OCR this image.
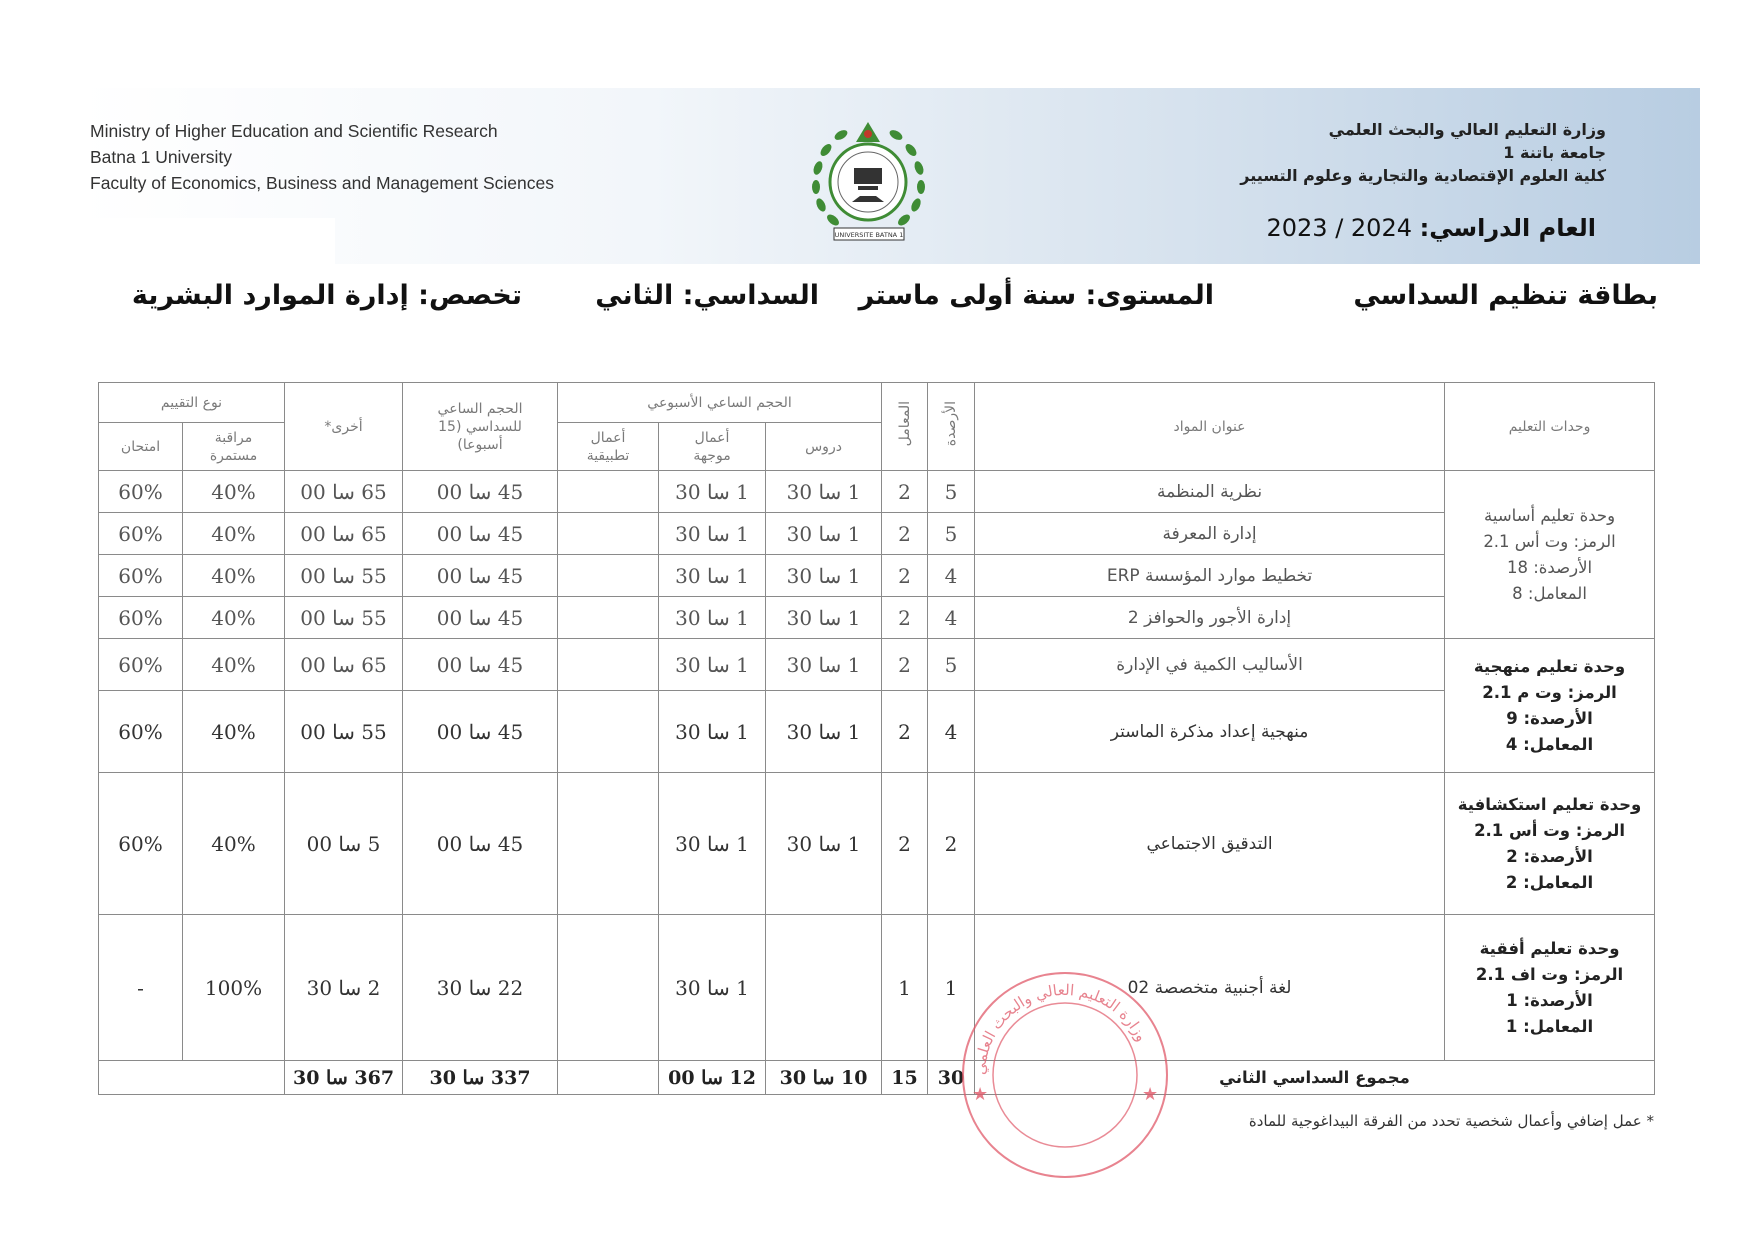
Ministry of Higher Education and Scientific Research
Batna 1 University
Faculty of Economics, Business and Management Sciences
وزارة التعليم العالي والبحث العلمي
جامعة باتنة 1
كلية العلوم الإقتصادية والتجارية وعلوم التسيير
العام الدراسي: 2023 / 2024
UNIVERSITE BATNA 1
بطاقة تنظيم السداسي
المستوى: سنة أولى ماستر
السداسي: الثاني
تخصص: إدارة الموارد البشرية
وحدات التعليم	عنوان المواد	الأرصدة	المعامل	الحجم الساعي الأسبوعي			الحجم الساعي للسداسي (15 أسبوعا)	أخرى*	نوع التقييم	
				دروس	أعمال موجهة	أعمال تطبيقية			مراقبة مستمرة	امتحان

وحدة تعليم أساسية
الرمز: وت أس 2.1
الأرصدة: 18
المعامل: 8	نظرية المنظمة	5	2	1 سا 30	1 سا 30		45 سا 00	65 سا 00	40%	60%
	إدارة المعرفة	5	2	1 سا 30	1 سا 30		45 سا 00	65 سا 00	40%	60%
	تخطيط موارد المؤسسة ERP	4	2	1 سا 30	1 سا 30		45 سا 00	55 سا 00	40%	60%
	إدارة الأجور والحوافز 2	4	2	1 سا 30	1 سا 30		45 سا 00	55 سا 00	40%	60%

وحدة تعليم منهجية
الرمز: وت م 2.1
الأرصدة: 9
المعامل: 4	الأساليب الكمية في الإدارة	5	2	1 سا 30	1 سا 30		45 سا 00	65 سا 00	40%	60%
	منهجية إعداد مذكرة الماستر	4	2	1 سا 30	1 سا 30		45 سا 00	55 سا 00	40%	60%

وحدة تعليم استكشافية
الرمز: وت أس 2.1
الأرصدة: 2
المعامل: 2	التدقيق الاجتماعي	2	2	1 سا 30	1 سا 30		45 سا 00	5 سا 00	40%	60%

وحدة تعليم أفقية
الرمز: وت اف 2.1
الأرصدة: 1
المعامل: 1	لغة أجنبية متخصصة 02	1	1		1 سا 30		22 سا 30	2 سا 30	100%	-
مجموع السداسي الثاني		30	15	10 سا 30	12 سا 00		337 سا 30	367 سا 30			وزارة التعليم العالي والبحث العلمي
★	★
* عمل إضافي وأعمال شخصية تحدد من الفرقة البيداغوجية للمادة
